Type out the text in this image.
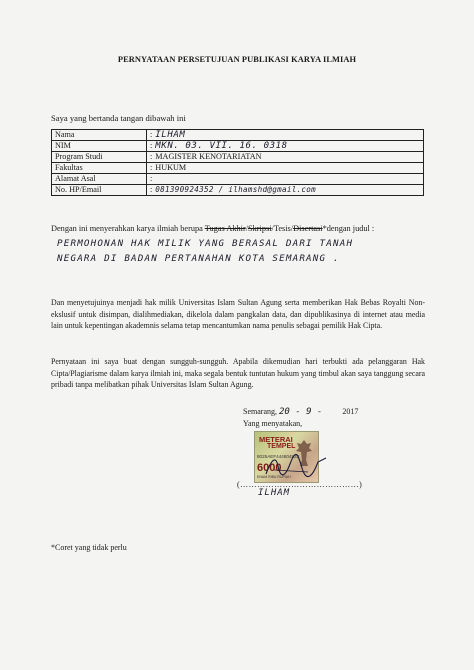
PERNYATAAN PERSETUJUAN PUBLIKASI KARYA ILMIAH
Saya yang bertanda tangan dibawah ini
Nama	:	ILHAM
NIM	:	MKN. 03. VII. 16. 0318
Program Studi	:	MAGISTER KENOTARIATAN
Fakultas	:	HUKUM
Alamat Asal	:	
No. HP/Email	:	081390924352 / ilhamshd@gmail.com
Dengan ini menyerahkan karya ilmiah berupa Tugas Akhir/Skripsi/Tesis/Disertasi*dengan judul :
PERMOHONAN HAK MILIK YANG BERASAL DARI TANAH
NEGARA DI BADAN PERTANAHAN KOTA SEMARANG .
Dan menyetujuinya menjadi hak milik Universitas Islam Sultan Agung serta memberikan Hak Bebas Royalti Non-ekslusif untuk disimpan, dialihmediakan, dikelola dalam pangkalan data, dan dipublikasinya di internet atau media lain untuk kepentingan akademnis selama tetap mencantumkan nama penulis sebagai pemilik Hak Cipta.
Pernyataan ini saya buat dengan sungguh-sungguh. Apabila dikemudian hari terbukti ada pelanggaran Hak Cipta/Plagiarisme dalam karya ilmiah ini, maka segala bentuk tuntutan hukum yang timbul akan saya tanggung secara pribadi tanpa melibatkan pihak Universitas Islam Sultan Agung.
Semarang, 20 - 9 -	2017
Yang menyatakan,
METERAI
TEMPEL
8025AEF444804832
6000
ENAM RIBU RUPIAH
(……………………………………)
ILHAM
*Coret yang tidak perlu
